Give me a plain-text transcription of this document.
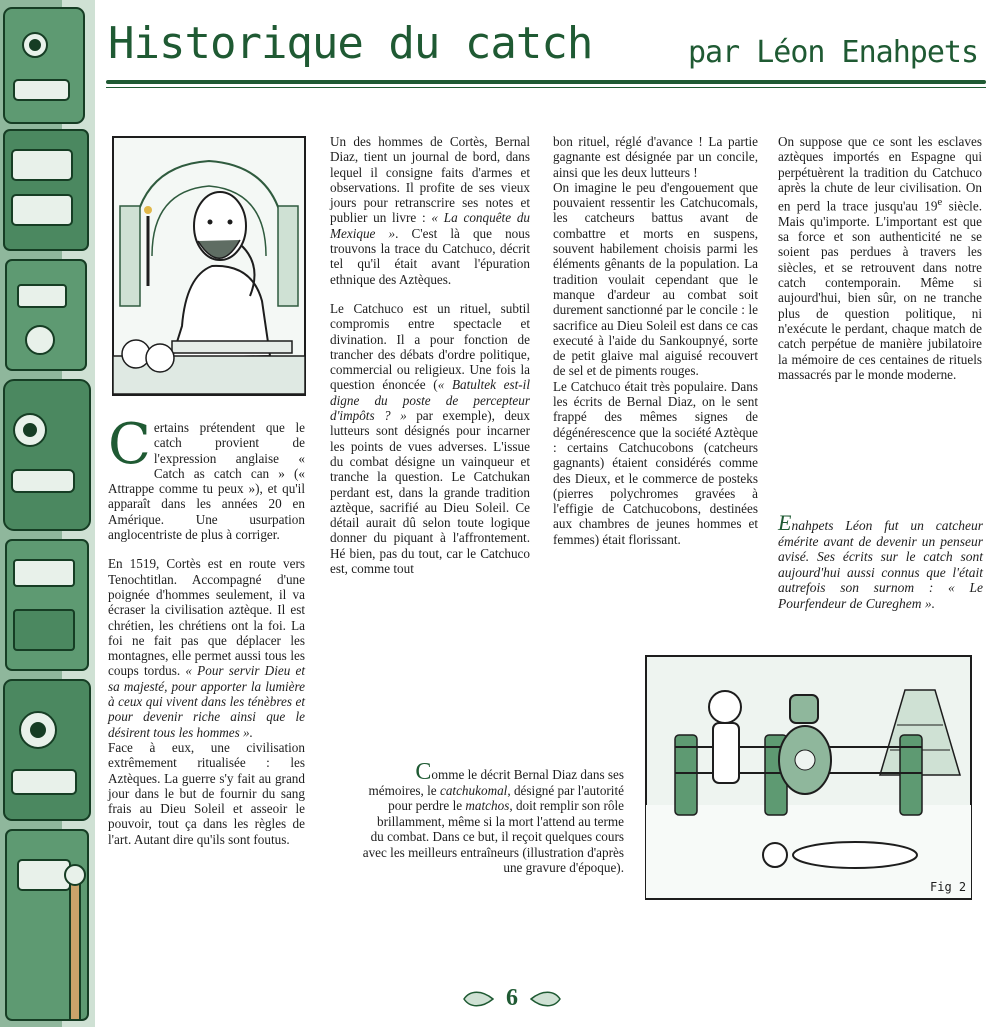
Historique du catch	par Léon Enahpets

Certains prétendent que le catch provient de l'expression anglaise « Catch as catch can » (« Attrappe comme tu peux »), et qu'il apparaît dans les années 20 en Amérique. Une usurpation anglocentriste de plus à corriger.

En 1519, Cortès est en route vers Tenochtitlan. Accompagné d'une poignée d'hommes seulement, il va écraser la civilisation aztèque. Il est chrétien, les chrétiens ont la foi. La foi ne fait pas que déplacer les montagnes, elle permet aussi tous les coups tordus. « Pour servir Dieu et sa majesté, pour apporter la lumière à ceux qui vivent dans les ténèbres et pour devenir riche ainsi que le désirent tous les hommes ».

Face à eux, une civilisation extrêmement ritualisée : les Aztèques. La guerre s'y fait au grand jour dans le but de fournir du sang frais au Dieu Soleil et asseoir le pouvoir, tout ça dans les règles de l'art. Autant dire qu'ils sont foutus.

Un des hommes de Cortès, Bernal Diaz, tient un journal de bord, dans lequel il consigne faits d'armes et observations. Il profite de ses vieux jours pour retranscrire ses notes et publier un livre : « La conquête du Mexique ». C'est là que nous trouvons la trace du Catchuco, décrit tel qu'il était avant l'épuration ethnique des Aztèques.

Le Catchuco est un rituel, subtil compromis entre spectacle et divination. Il a pour fonction de trancher des débats d'ordre politique, commercial ou religieux. Une fois la question énoncée (« Batultek est-il digne du poste de percepteur d'impôts ? » par exemple), deux lutteurs sont désignés pour incarner les points de vues adverses. L'issue du combat désigne un vainqueur et tranche la question. Le Catchukan perdant est, dans la grande tradition aztèque, sacrifié au Dieu Soleil. Ce détail aurait dû selon toute logique donner du piquant à l'affrontement. Hé bien, pas du tout, car le Catchuco est, comme tout

bon rituel, réglé d'avance ! La partie gagnante est désignée par un concile, ainsi que les deux lutteurs !

On imagine le peu d'engouement que pouvaient ressentir les Catchucomals, les catcheurs battus avant de combattre et morts en suspens, souvent habilement choisis parmi les éléments gênants de la population. La tradition voulait cependant que le manque d'ardeur au combat soit durement sanctionné par le concile : le sacrifice au Dieu Soleil est dans ce cas executé à l'aide du Sankoupnyé, sorte de petit glaive mal aiguisé recouvert de sel et de piments rouges.

Le Catchuco était très populaire. Dans les écrits de Bernal Diaz, on le sent frappé des mêmes signes de dégénérescence que la société Aztèque : certains Catchucobons (catcheurs gagnants) étaient considérés comme des Dieux, et le commerce de posteks (pierres polychromes gravées à l'effigie de Catchucobons, destinées aux chambres de jeunes hommes et femmes) était florissant.

On suppose que ce sont les esclaves aztèques importés en Espagne qui perpétuèrent la tradition du Catchuco après la chute de leur civilisation. On en perd la trace jusqu'au 19e siècle. Mais qu'importe. L'important est que sa force et son authenticité ne se soient pas perdues à travers les siècles, et se retrouvent dans notre catch contemporain. Même si aujourd'hui, bien sûr, on ne tranche plus de question politique, ni n'exécute le perdant, chaque match de catch perpétue de manière jubilatoire la mémoire de ces centaines de rituels massacrés par le monde moderne.

Enahpets Léon fut un catcheur émérite avant de devenir un penseur avisé. Ses écrits sur le catch sont aujourd'hui aussi connus que l'était autrefois son surnom : « Le Pourfendeur de Cureghem ».
Fig 2
Comme le décrit Bernal Diaz dans ses mémoires, le catchukomal, désigné par l'autorité pour perdre le matchos, doit remplir son rôle brillamment, même si la mort l'attend au terme du combat. Dans ce but, il reçoit quelques cours avec les meilleurs entraîneurs (illustration d'après une gravure d'époque).
6
